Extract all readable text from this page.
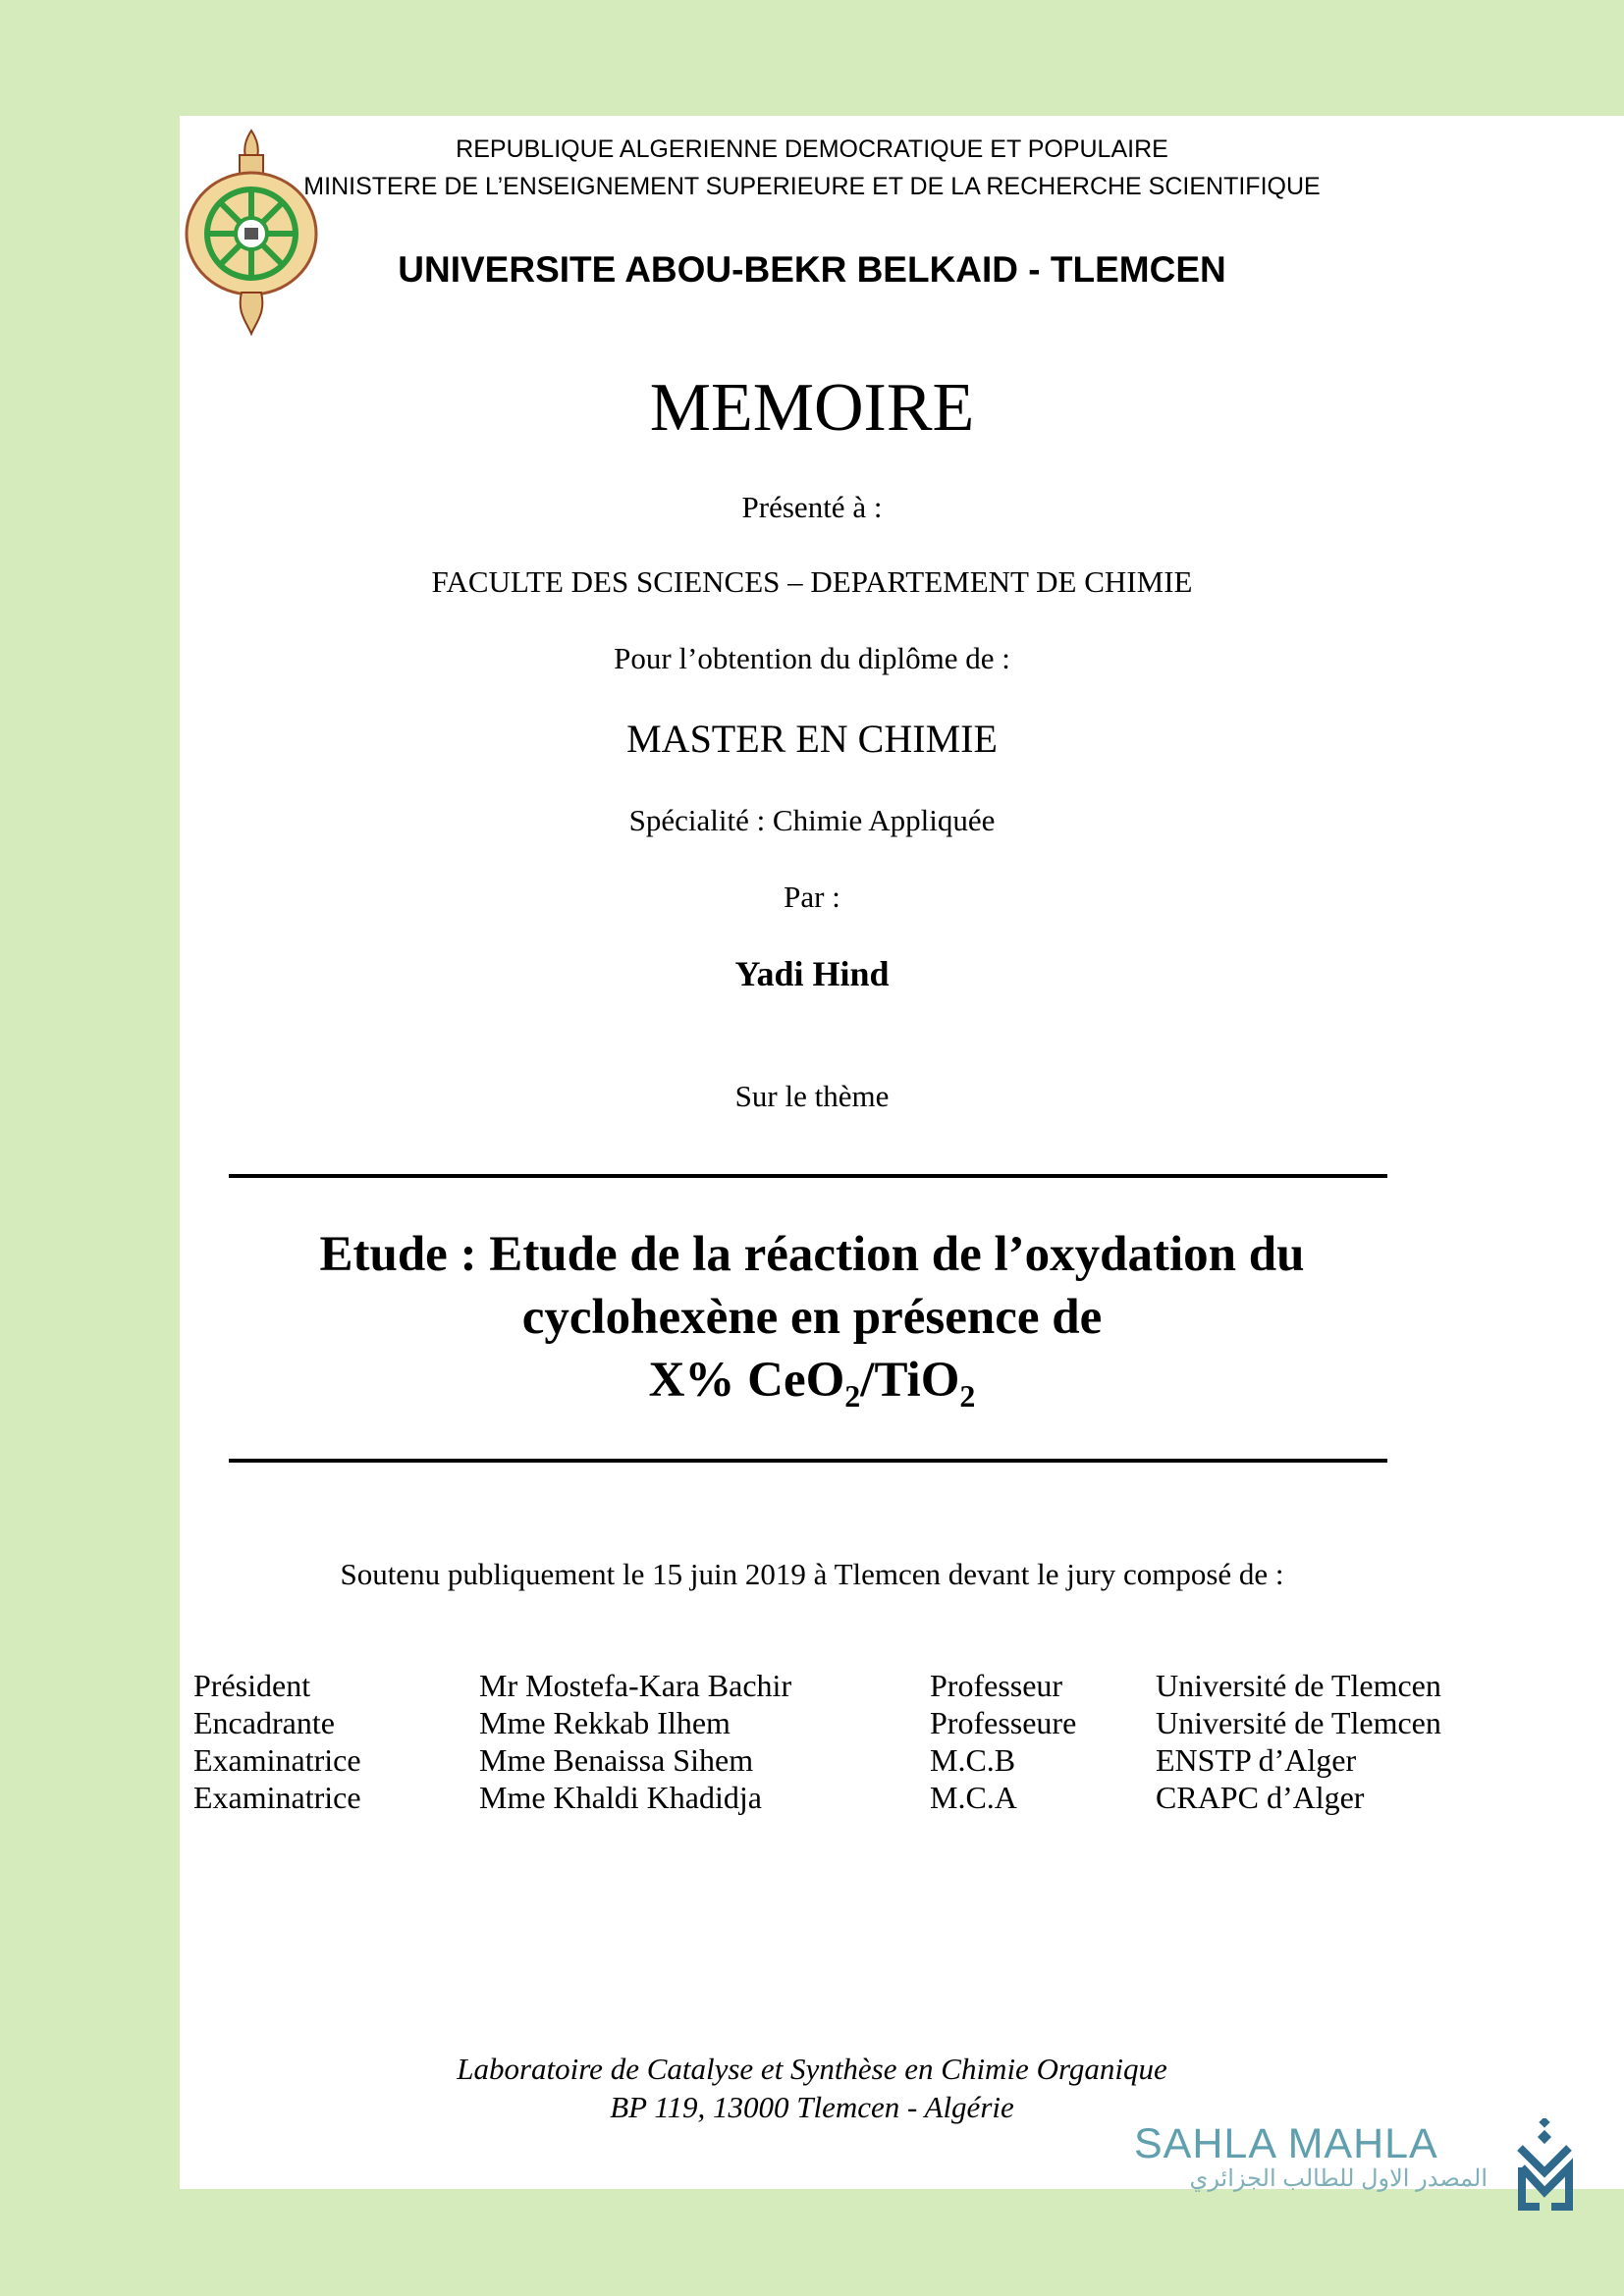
REPUBLIQUE ALGERIENNE DEMOCRATIQUE ET POPULAIRE
MINISTERE DE L’ENSEIGNEMENT SUPERIEURE ET DE LA RECHERCHE SCIENTIFIQUE
UNIVERSITE ABOU-BEKR BELKAID - TLEMCEN
MEMOIRE
Présenté à :
FACULTE DES SCIENCES – DEPARTEMENT DE CHIMIE
Pour l’obtention du diplôme de :
MASTER EN CHIMIE
Spécialité : Chimie Appliquée
Par :
Yadi Hind
Sur le thème
Etude : Etude de la réaction de l’oxydation du
cyclohexène en présence de
X% CeO$_2$/TiO$_2$
Soutenu publiquement le 15 juin 2019 à Tlemcen devant le jury composé de :
Président	Mr Mostefa-Kara Bachir	Professeur	Université de Tlemcen
Encadrante	Mme Rekkab Ilhem	Professeure	Université de Tlemcen
Examinatrice	Mme Benaissa Sihem	M.C.B	ENSTP d’Alger
Examinatrice	Mme Khaldi Khadidja	M.C.A	CRAPC d’Alger
Laboratoire de Catalyse et Synthèse en Chimie Organique
BP 119, 13000 Tlemcen - Algérie
SAHLA MAHLA
المصدر الاول للطالب الجزائري
